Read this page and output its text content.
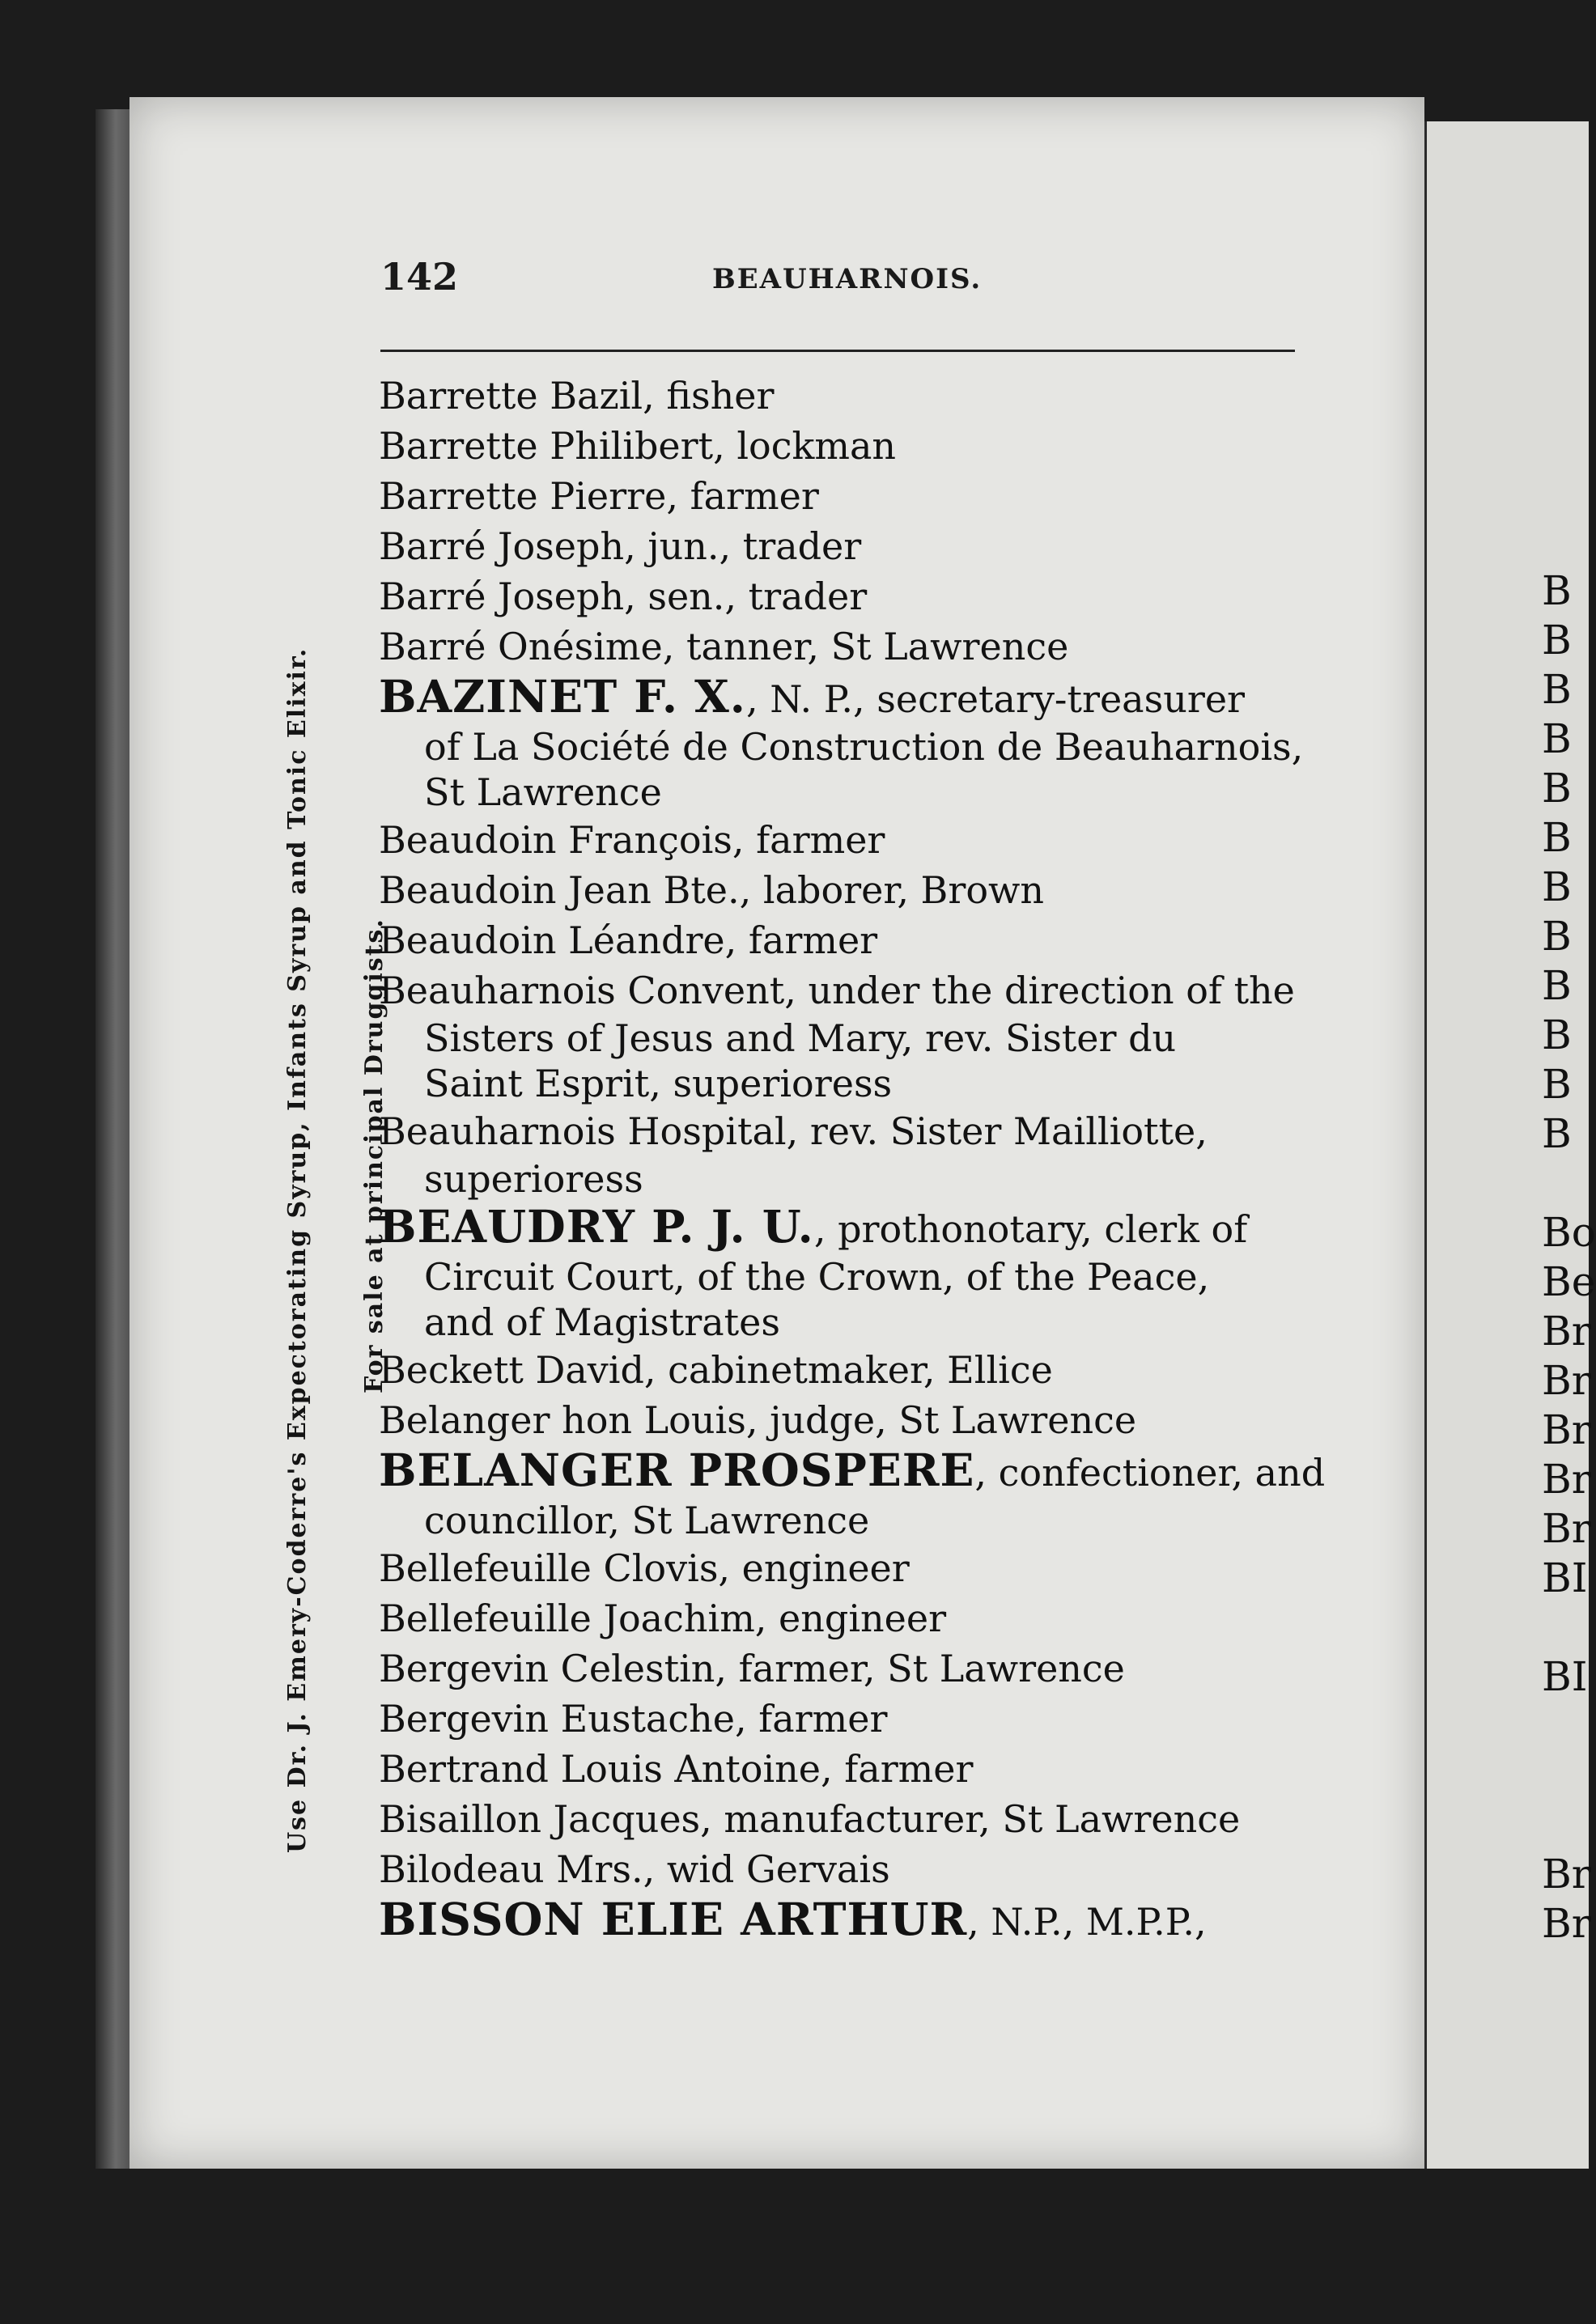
142	BEAUHARNOIS.
Use Dr. J. Emery-Coderre's Expectorating Syrup, Infants Syrup and Tonic Elixir. For sale at principal Druggists.
Barrette Bazil, fisher
Barrette Philibert, lockman
Barrette Pierre, farmer
Barré Joseph, jun., trader
Barré Joseph, sen., trader
Barré Onésime, tanner, St Lawrence
BAZINET F. X., N. P., secretary-treasurer
of La Société de Construction de Beauharnois,
St Lawrence
Beaudoin François, farmer
Beaudoin Jean Bte., laborer, Brown
Beaudoin Léandre, farmer
Beauharnois Convent, under the direction of the
Sisters of Jesus and Mary, rev. Sister du
Saint Esprit, superioress
Beauharnois Hospital, rev. Sister Mailliotte,
superioress
BEAUDRY P. J. U., prothonotary, clerk of
Circuit Court, of the Crown, of the Peace,
and of Magistrates
Beckett David, cabinetmaker, Ellice
Belanger hon Louis, judge, St Lawrence
BELANGER PROSPERE, confectioner, and
councillor, St Lawrence
Bellefeuille Clovis, engineer
Bellefeuille Joachim, engineer
Bergevin Celestin, farmer, St Lawrence
Bergevin Eustache, farmer
Bertrand Louis Antoine, farmer
Bisaillon Jacques, manufacturer, St Lawrence
Bilodeau Mrs., wid Gervais
BISSON ELIE ARTHUR, N.P., M.P.P.,
B
B
B
B
B
B
B
B
B
B
B
B

Bo
Be
Br
Br
Br
Br
Br
BI

BI

Br
Br
